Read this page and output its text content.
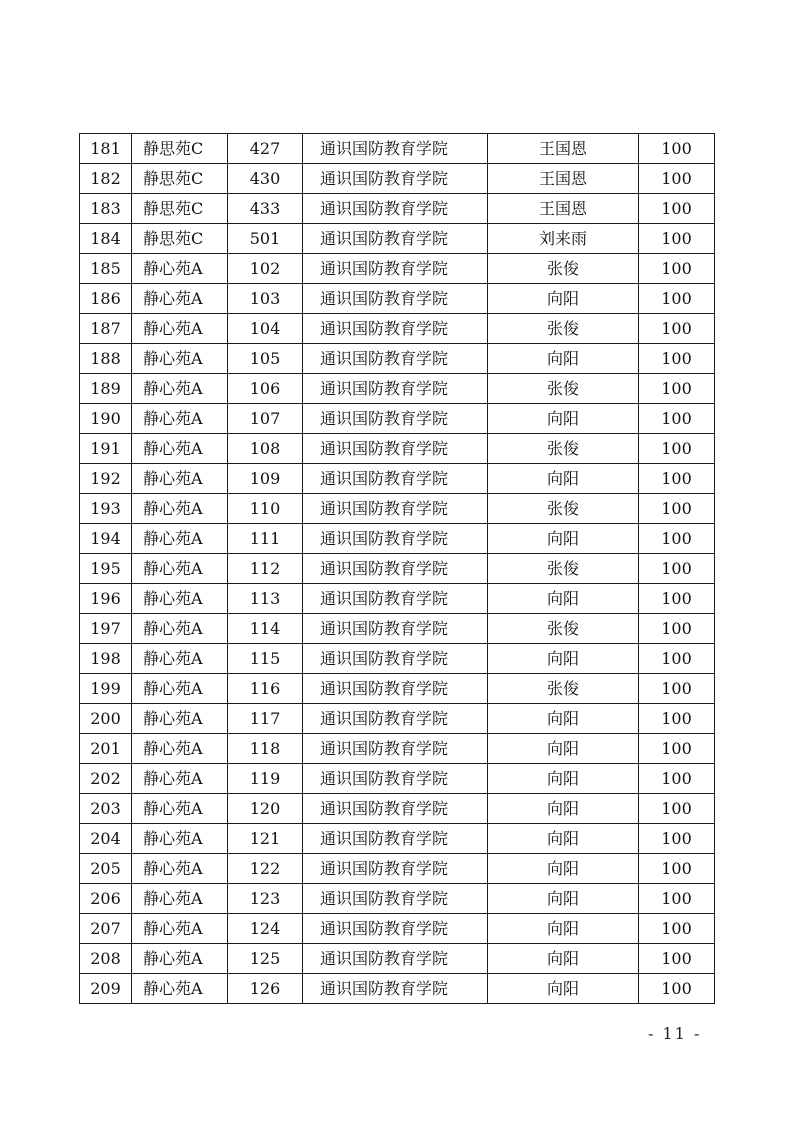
181	静思苑C	427	通识国防教育学院	王国恩	100
182	静思苑C	430	通识国防教育学院	王国恩	100
183	静思苑C	433	通识国防教育学院	王国恩	100
184	静思苑C	501	通识国防教育学院	刘来雨	100
185	静心苑A	102	通识国防教育学院	张俊	100
186	静心苑A	103	通识国防教育学院	向阳	100
187	静心苑A	104	通识国防教育学院	张俊	100
188	静心苑A	105	通识国防教育学院	向阳	100
189	静心苑A	106	通识国防教育学院	张俊	100
190	静心苑A	107	通识国防教育学院	向阳	100
191	静心苑A	108	通识国防教育学院	张俊	100
192	静心苑A	109	通识国防教育学院	向阳	100
193	静心苑A	110	通识国防教育学院	张俊	100
194	静心苑A	111	通识国防教育学院	向阳	100
195	静心苑A	112	通识国防教育学院	张俊	100
196	静心苑A	113	通识国防教育学院	向阳	100
197	静心苑A	114	通识国防教育学院	张俊	100
198	静心苑A	115	通识国防教育学院	向阳	100
199	静心苑A	116	通识国防教育学院	张俊	100
200	静心苑A	117	通识国防教育学院	向阳	100
201	静心苑A	118	通识国防教育学院	向阳	100
202	静心苑A	119	通识国防教育学院	向阳	100
203	静心苑A	120	通识国防教育学院	向阳	100
204	静心苑A	121	通识国防教育学院	向阳	100
205	静心苑A	122	通识国防教育学院	向阳	100
206	静心苑A	123	通识国防教育学院	向阳	100
207	静心苑A	124	通识国防教育学院	向阳	100
208	静心苑A	125	通识国防教育学院	向阳	100
209	静心苑A	126	通识国防教育学院	向阳	100
- 11 -
